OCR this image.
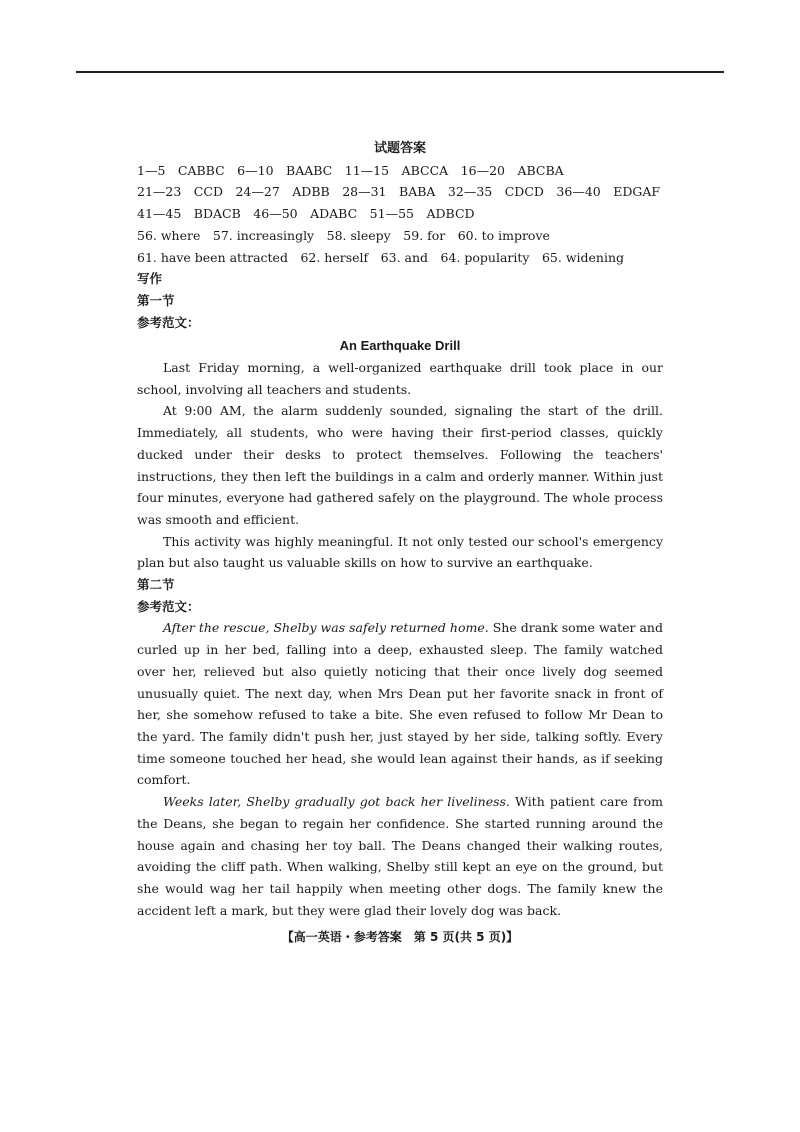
试题答案

1—5　CABBC　6—10　BAABC　11—15　ABCCA　16—20　ABCBA

21—23　CCD　24—27　ADBB　28—31　BABA　32—35　CDCD　36—40　EDGAF

41—45　BDACB　46—50　ADABC　51—55　ADBCD

56. where　57. increasingly　58. sleepy　59. for　60. to improve

61. have been attracted　62. herself　63. and　64. popularity　65. widening

写作

第一节

参考范文：

An Earthquake Drill

Last Friday morning, a well-organized earthquake drill took place in our school, involving all teachers and students.

At 9:00 AM, the alarm suddenly sounded, signaling the start of the drill. Immediately, all students, who were having their first-period classes, quickly ducked under their desks to protect themselves. Following the teachers' instructions, they then left the buildings in a calm and orderly manner. Within just four minutes, everyone had gathered safely on the playground. The whole process was smooth and efficient.

This activity was highly meaningful. It not only tested our school's emergency plan but also taught us valuable skills on how to survive an earthquake.

第二节

参考范文：

After the rescue, Shelby was safely returned home. She drank some water and curled up in her bed, falling into a deep, exhausted sleep. The family watched over her, relieved but also quietly noticing that their once lively dog seemed unusually quiet. The next day, when Mrs Dean put her favorite snack in front of her, she somehow refused to take a bite. She even refused to follow Mr Dean to the yard. The family didn't push her, just stayed by her side, talking softly. Every time someone touched her head, she would lean against their hands, as if seeking comfort.

Weeks later, Shelby gradually got back her liveliness. With patient care from the Deans, she began to regain her confidence. She started running around the house again and chasing her toy ball. The Deans changed their walking routes, avoiding the cliff path. When walking, Shelby still kept an eye on the ground, but she would wag her tail happily when meeting other dogs. The family knew the accident left a mark, but they were glad their lovely dog was back.

【高一英语・参考答案　第 5 页(共 5 页)】
